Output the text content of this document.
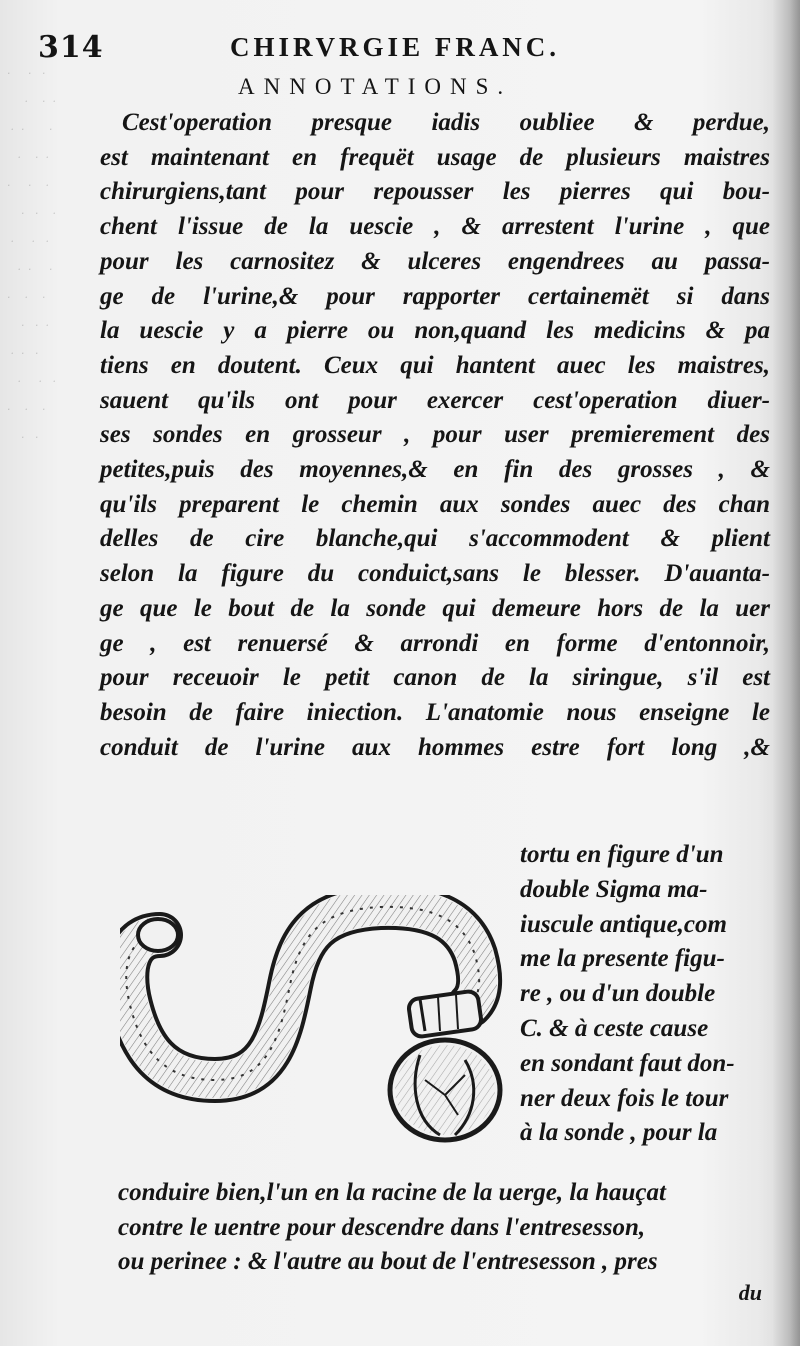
·     ·   ·
·    ·  ·
·  ·       ·
·    ·  ·
·     ·    ·
·   ·    ·
·     ·   ·
·  ·     ·
·    ·    ·
·   ·  ·
·  ·   ·
·     ·   ·
·    ·    ·
·   ·
314	CHIRVRGIE FRANC.
ANNOTATIONS.
Cest'operation presque iadis oubliee & perdue,
est maintenant en frequët usage de plusieurs maistres
chirurgiens,tant pour repousser les pierres qui bou-
chent l'issue de la uescie , & arrestent l'urine , que
pour les carnositez & ulceres engendrees au passa-
ge de l'urine,& pour rapporter certainemët si dans
la uescie y a pierre ou non,quand les medicins & pa
tiens en doutent. Ceux qui hantent auec les maistres,
sauent qu'ils ont pour exercer cest'operation diuer-
ses sondes en grosseur , pour user premierement des
petites,puis des moyennes,& en fin des grosses , &
qu'ils preparent le chemin aux sondes auec des chan
delles de cire blanche,qui s'accommodent & plient
selon la figure du conduict,sans le blesser. D'auanta-
ge que le bout de la sonde qui demeure hors de la uer
ge , est renuersé & arrondi en forme d'entonnoir,
pour receuoir le petit canon de la siringue, s'il est
besoin de faire iniection. L'anatomie nous enseigne le
conduit de l'urine aux hommes estre fort long ,&
tortu en figure d'un
double Sigma ma-
iuscule antique,com
me la presente figu-
re , ou d'un double
C. & à ceste cause
en sondant faut don-
ner deux fois le tour
à la sonde , pour la
conduire bien,l'un en la racine de la uerge, la hauçat
contre le uentre pour descendre dans l'entresesson,
ou perinee : & l'autre au bout de l'entresesson , pres
du
